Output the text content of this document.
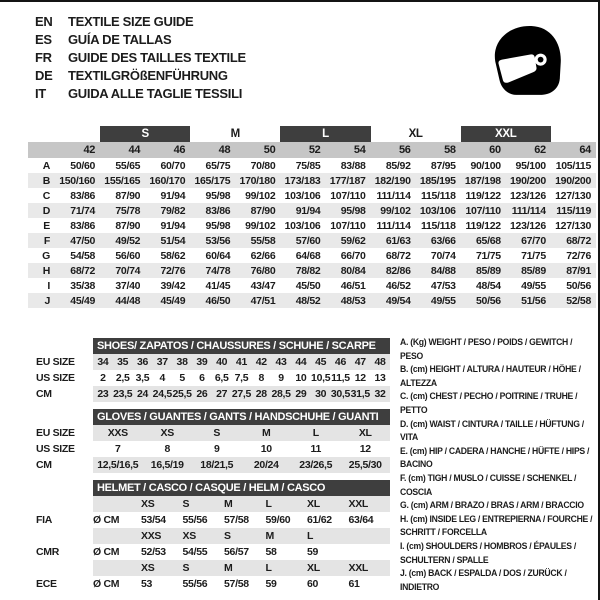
EN	TEXTILE SIZE GUIDE
ES	GUÍA DE TALLAS
FR	GUIDE DES TAILLES TEXTILE
DE	TEXTILGRÖßENFÜHRUNG
IT	GUIDA ALLE TAGLIE TESSILI
		S		M		L		XL		XXL		
	42	44	46	48	50	52	54	56	58	60	62	64
A	50/60	55/65	60/70	65/75	70/80	75/85	83/88	85/92	87/95	90/100	95/100	105/115
B	150/160	155/165	160/170	165/175	170/180	173/183	177/187	182/190	185/195	187/198	190/200	190/200
C	83/86	87/90	91/94	95/98	99/102	103/106	107/110	111/114	115/118	119/122	123/126	127/130
D	71/74	75/78	79/82	83/86	87/90	91/94	95/98	99/102	103/106	107/110	111/114	115/119
E	83/86	87/90	91/94	95/98	99/102	103/106	107/110	111/114	115/118	119/122	123/126	127/130
F	47/50	49/52	51/54	53/56	55/58	57/60	59/62	61/63	63/66	65/68	67/70	68/72
G	54/58	56/60	58/62	60/64	62/66	64/68	66/70	68/72	70/74	71/75	71/75	72/76
H	68/72	70/74	72/76	74/78	76/80	78/82	80/84	82/86	84/88	85/89	85/89	87/91
I	35/38	37/40	39/42	41/45	43/47	45/50	46/51	46/52	47/53	48/54	49/55	50/56
J	45/49	44/48	45/49	46/50	47/51	48/52	48/53	49/54	49/55	50/56	51/56	52/58
SHOES/ ZAPATOS / CHAUSSURES / SCHUHE / SCARPE
EU SIZE	34 35 36 37 38 39 40 41 42 43 44 45 46 47 48
US SIZE	2 2,5 3,5 4	5	6 6,5 7,5 8	9	10 10,5 11,5 12 13
CM	23 23,5 24 24,5 25,5 26 27 27,5 28 28,5 29 30 30,5 31,5 32
GLOVES / GUANTES / GANTS / HANDSCHUHE / GUANTI
EU SIZE	XXS	XS	S	M	L	XL
US SIZE	7	8	9	10	11	12
CM	12,5/16,5	16,5/19	18/21,5	20/24	23/26,5	25,5/30
HELMET / CASCO / CASQUE / HELM / CASCO
XS	S	M	L	XL	XXL
FIA	Ø CM	53/54	55/56	57/58	59/60	61/62	63/64
XXS	XS	S	M	L
CMR	Ø CM	52/53	54/55	56/57	58	59
XS	S	M	L	XL	XXL
ECE	Ø CM	53	55/56	57/58	59	60	61
A. (Kg) WEIGHT / PESO / POIDS / GEWITCH / PESO
B. (cm) HEIGHT / ALTURA / HAUTEUR / HÖHE / ALTEZZA
C. (cm) CHEST / PECHO / POITRINE / TRUHE / PETTO
D. (cm) WAIST / CINTURA / TAILLE / HÜFTUNG / VITA
E. (cm) HIP / CADERA / HANCHE / HÜFTE / HIPS / BACINO
F. (cm) TIGH / MUSLO / CUISSE / SCHENKEL / COSCIA
G. (cm) ARM / BRAZO / BRAS / ARM / BRACCIO
H. (cm) INSIDE LEG / ENTREPIERNA / FOURCHE / SCHRITT / FORCELLA
I. (cm) SHOULDERS / HOMBROS / ÉPAULES / SCHULTERN / SPALLE
J. (cm) BACK / ESPALDA / DOS / ZURÜCK / INDIETRO
